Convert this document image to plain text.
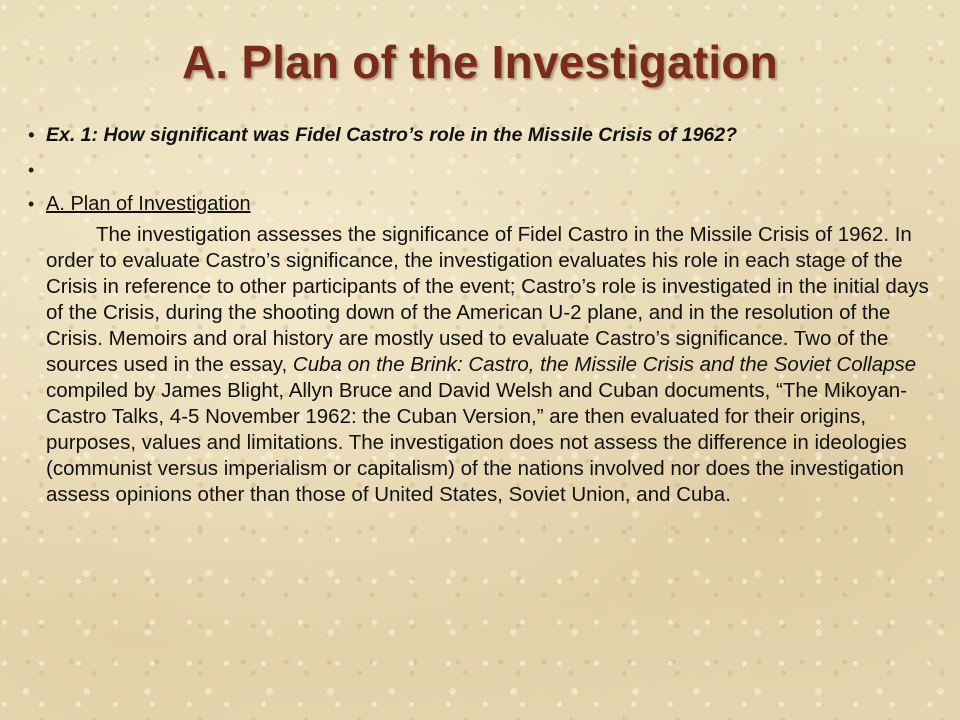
A. Plan of the Investigation
• Ex. 1: How significant was Fidel Castro’s role in the Missile Crisis of 1962?
•
• A. Plan of Investigation
The investigation assesses the significance of Fidel Castro in the Missile Crisis of 1962. In order to evaluate Castro’s significance, the investigation evaluates his role in each stage of the Crisis in reference to other participants of the event; Castro’s role is investigated in the initial days of the Crisis, during the shooting down of the American U-2 plane, and in the resolution of the Crisis. Memoirs and oral history are mostly used to evaluate Castro’s significance. Two of the sources used in the essay, Cuba on the Brink: Castro, the Missile Crisis and the Soviet Collapse compiled by James Blight, Allyn Bruce and David Welsh and Cuban documents, “The Mikoyan-Castro Talks, 4-5 November 1962: the Cuban Version,” are then evaluated for their origins, purposes, values and limitations. The investigation does not assess the difference in ideologies (communist versus imperialism or capitalism) of the nations involved nor does the investigation assess opinions other than those of United States, Soviet Union, and Cuba.
